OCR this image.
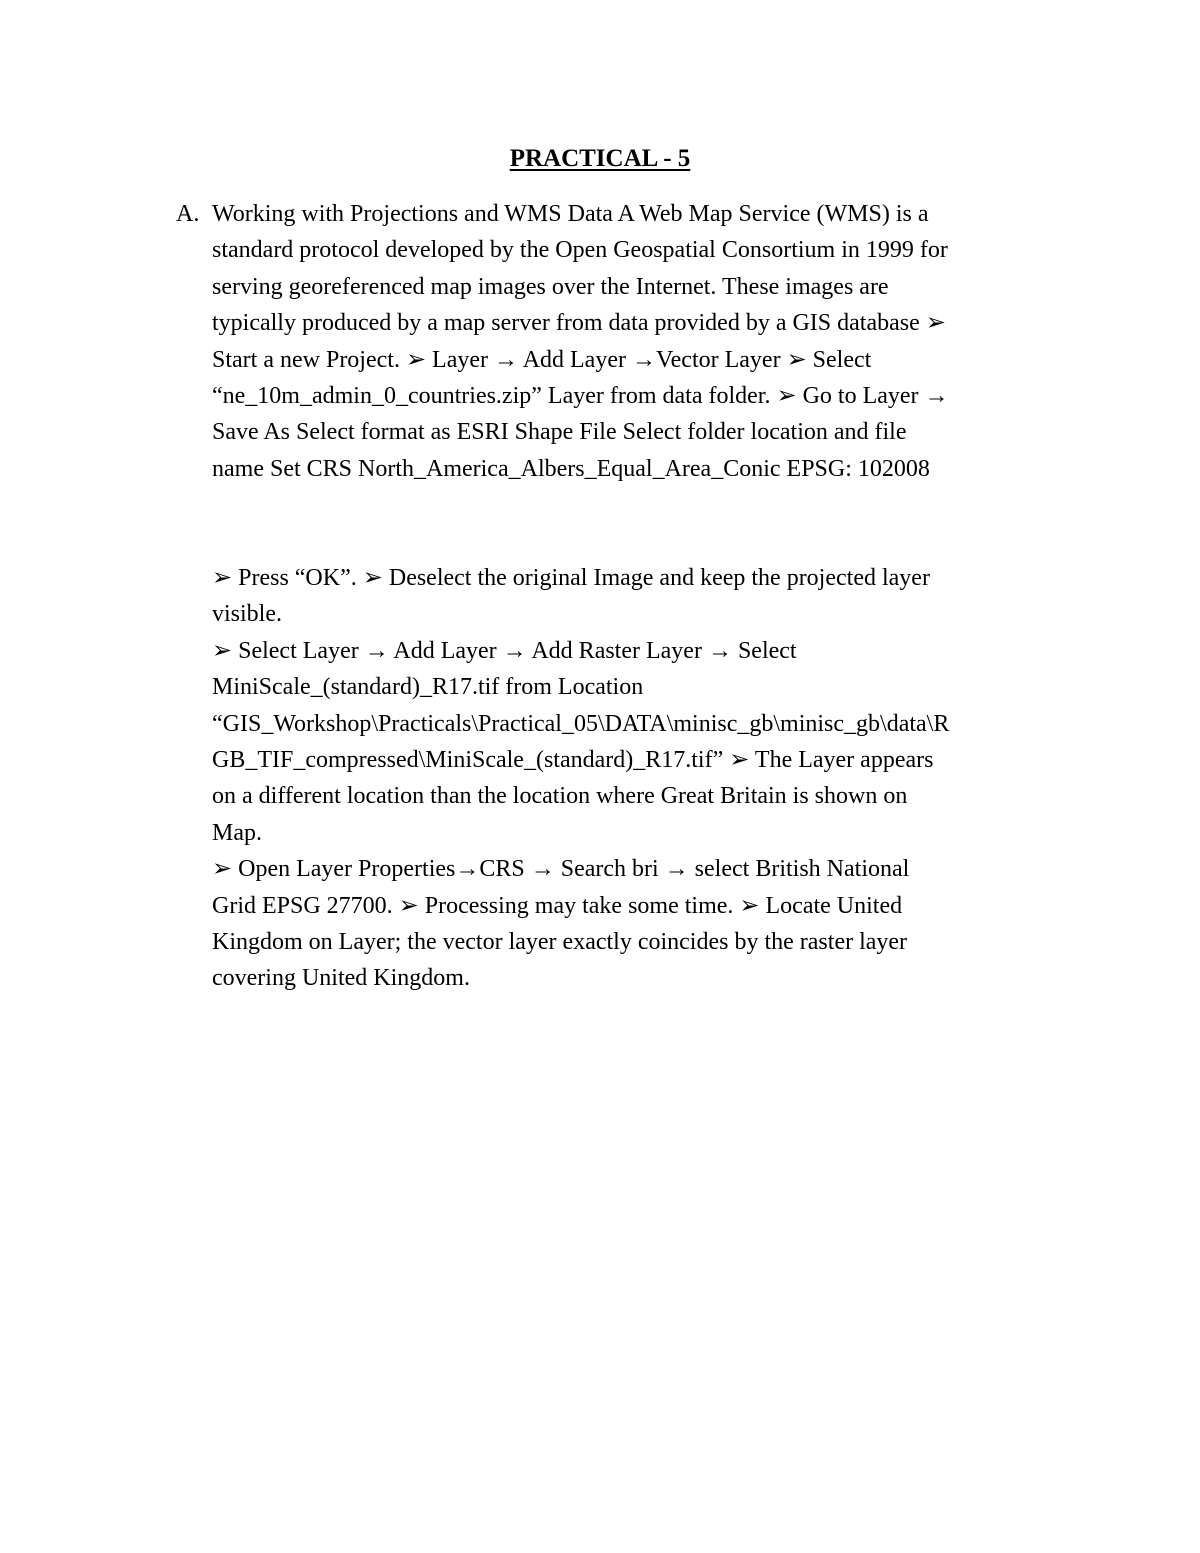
PRACTICAL - 5
A. Working with Projections and WMS Data A Web Map Service (WMS) is a
standard protocol developed by the Open Geospatial Consortium in 1999 for
serving georeferenced map images over the Internet. These images are
typically produced by a map server from data provided by a GIS database ➢
Start a new Project. ➢ Layer → Add Layer →Vector Layer ➢ Select
“ne_10m_admin_0_countries.zip” Layer from data folder. ➢ Go to Layer →
Save As Select format as ESRI Shape File Select folder location and file
name Set CRS North_America_Albers_Equal_Area_Conic EPSG: 102008
➢ Press “OK”. ➢ Deselect the original Image and keep the projected layer
visible.
➢ Select Layer → Add Layer → Add Raster Layer → Select
MiniScale_(standard)_R17.tif from Location
“GIS_Workshop\Practicals\Practical_05\DATA\minisc_gb\minisc_gb\data\R
GB_TIF_compressed\MiniScale_(standard)_R17.tif” ➢ The Layer appears
on a different location than the location where Great Britain is shown on
Map.
➢ Open Layer Properties→CRS → Search bri → select British National
Grid EPSG 27700. ➢ Processing may take some time. ➢ Locate United
Kingdom on Layer; the vector layer exactly coincides by the raster layer
covering United Kingdom.
